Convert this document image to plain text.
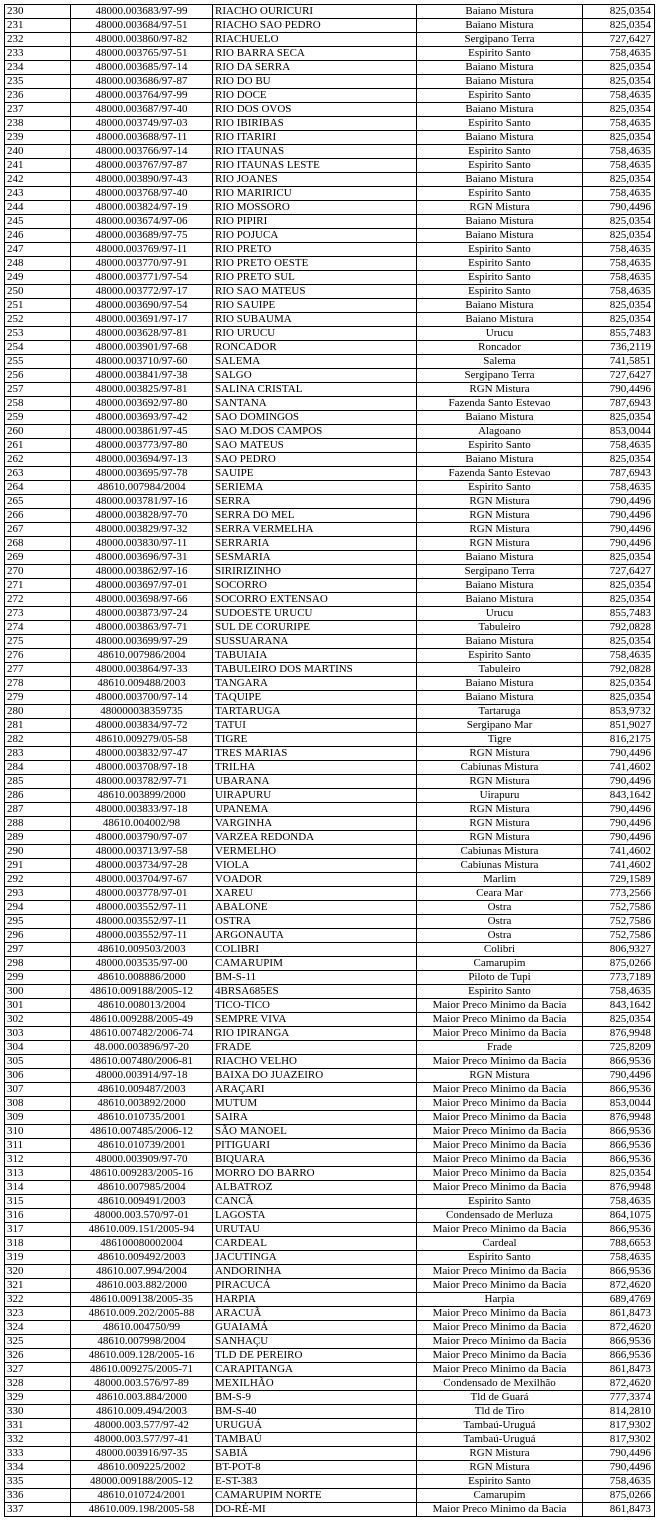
230	48000.003683/97-99	RIACHO OURICURI	Baiano Mistura	825,0354
231	48000.003684/97-51	RIACHO SAO PEDRO	Baiano Mistura	825,0354
232	48000.003860/97-82	RIACHUELO	Sergipano Terra	727,6427
233	48000.003765/97-51	RIO BARRA SECA	Espirito Santo	758,4635
234	48000.003685/97-14	RIO DA SERRA	Baiano Mistura	825,0354
235	48000.003686/97-87	RIO DO BU	Baiano Mistura	825,0354
236	48000.003764/97-99	RIO DOCE	Espirito Santo	758,4635
237	48000.003687/97-40	RIO DOS OVOS	Baiano Mistura	825,0354
238	48000.003749/97-03	RIO IBIRIBAS	Espirito Santo	758,4635
239	48000.003688/97-11	RIO ITARIRI	Baiano Mistura	825,0354
240	48000.003766/97-14	RIO ITAUNAS	Espirito Santo	758,4635
241	48000.003767/97-87	RIO ITAUNAS LESTE	Espirito Santo	758,4635
242	48000.003890/97-43	RIO JOANES	Baiano Mistura	825,0354
243	48000.003768/97-40	RIO MARIRICU	Espirito Santo	758,4635
244	48000.003824/97-19	RIO MOSSORO	RGN Mistura	790,4496
245	48000.003674/97-06	RIO PIPIRI	Baiano Mistura	825,0354
246	48000.003689/97-75	RIO POJUCA	Baiano Mistura	825,0354
247	48000.003769/97-11	RIO PRETO	Espirito Santo	758,4635
248	48000.003770/97-91	RIO PRETO OESTE	Espirito Santo	758,4635
249	48000.003771/97-54	RIO PRETO SUL	Espirito Santo	758,4635
250	48000.003772/97-17	RIO SAO MATEUS	Espirito Santo	758,4635
251	48000.003690/97-54	RIO SAUIPE	Baiano Mistura	825,0354
252	48000.003691/97-17	RIO SUBAUMA	Baiano Mistura	825,0354
253	48000.003628/97-81	RIO URUCU	Urucu	855,7483
254	48000.003901/97-68	RONCADOR	Roncador	736,2119
255	48000.003710/97-60	SALEMA	Salema	741,5851
256	48000.003841/97-38	SALGO	Sergipano Terra	727,6427
257	48000.003825/97-81	SALINA CRISTAL	RGN Mistura	790,4496
258	48000.003692/97-80	SANTANA	Fazenda Santo Estevao	787,6943
259	48000.003693/97-42	SAO DOMINGOS	Baiano Mistura	825,0354
260	48000.003861/97-45	SAO M.DOS CAMPOS	Alagoano	853,0044
261	48000.003773/97-80	SAO MATEUS	Espirito Santo	758,4635
262	48000.003694/97-13	SAO PEDRO	Baiano Mistura	825,0354
263	48000.003695/97-78	SAUIPE	Fazenda Santo Estevao	787,6943
264	48610.007984/2004	SERIEMA	Espirito Santo	758,4635
265	48000.003781/97-16	SERRA	RGN Mistura	790,4496
266	48000.003828/97-70	SERRA DO MEL	RGN Mistura	790,4496
267	48000.003829/97-32	SERRA VERMELHA	RGN Mistura	790,4496
268	48000.003830/97-11	SERRARIA	RGN Mistura	790,4496
269	48000.003696/97-31	SESMARIA	Baiano Mistura	825,0354
270	48000.003862/97-16	SIRIRIZINHO	Sergipano Terra	727,6427
271	48000.003697/97-01	SOCORRO	Baiano Mistura	825,0354
272	48000.003698/97-66	SOCORRO EXTENSAO	Baiano Mistura	825,0354
273	48000.003873/97-24	SUDOESTE URUCU	Urucu	855,7483
274	48000.003863/97-71	SUL DE CORURIPE	Tabuleiro	792,0828
275	48000.003699/97-29	SUSSUARANA	Baiano Mistura	825,0354
276	48610.007986/2004	TABUIAIA	Espirito Santo	758,4635
277	48000.003864/97-33	TABULEIRO DOS MARTINS	Tabuleiro	792,0828
278	48610.009488/2003	TANGARA	Baiano Mistura	825,0354
279	48000.003700/97-14	TAQUIPE	Baiano Mistura	825,0354
280	480000038359735	TARTARUGA	Tartaruga	853,9732
281	48000.003834/97-72	TATUI	Sergipano Mar	851,9027
282	48610.009279/05-58	TIGRE	Tigre	816,2175
283	48000.003832/97-47	TRES MARIAS	RGN Mistura	790,4496
284	48000.003708/97-18	TRILHA	Cabiunas Mistura	741,4602
285	48000.003782/97-71	UBARANA	RGN Mistura	790,4496
286	48610.003899/2000	UIRAPURU	Uirapuru	843,1642
287	48000.003833/97-18	UPANEMA	RGN Mistura	790,4496
288	48610.004002/98	VARGINHA	RGN Mistura	790,4496
289	48000.003790/97-07	VARZEA REDONDA	RGN Mistura	790,4496
290	48000.003713/97-58	VERMELHO	Cabiunas Mistura	741,4602
291	48000.003734/97-28	VIOLA	Cabiunas Mistura	741,4602
292	48000.003704/97-67	VOADOR	Marlim	729,1589
293	48000.003778/97-01	XAREU	Ceara Mar	773,2566
294	48000.003552/97-11	ABALONE	Ostra	752,7586
295	48000.003552/97-11	OSTRA	Ostra	752,7586
296	48000.003552/97-11	ARGONAUTA	Ostra	752,7586
297	48610.009503/2003	COLIBRI	Colibri	806,9327
298	48000.003535/97-00	CAMARUPIM	Camarupim	875,0266
299	48610.008886/2000	BM-S-11	Piloto de Tupi	773,7189
300	48610.009188/2005-12	4BRSA685ES	Espirito Santo	758,4635
301	48610.008013/2004	TICO-TICO	Maior Preco Minimo da Bacia	843,1642
302	48610.009288/2005-49	SEMPRE VIVA	Maior Preco Minimo da Bacia	825,0354
303	48610.007482/2006-74	RIO IPIRANGA	Maior Preco Minimo da Bacia	876,9948
304	48.000.003896/97-20	FRADE	Frade	725,8209
305	48610.007480/2006-81	RIACHO VELHO	Maior Preco Minimo da Bacia	866,9536
306	48000.003914/97-18	BAIXA DO JUAZEIRO	RGN Mistura	790,4496
307	48610.009487/2003	ARAÇARI	Maior Preco Minimo da Bacia	866,9536
308	48610.003892/2000	MUTUM	Maior Preco Minimo da Bacia	853,0044
309	48610.010735/2001	SAIRA	Maior Preco Minimo da Bacia	876,9948
310	48610.007485/2006-12	SÃO MANOEL	Maior Preco Minimo da Bacia	866,9536
311	48610.010739/2001	PITIGUARI	Maior Preco Minimo da Bacia	866,9536
312	48000.003909/97-70	BIQUARA	Maior Preco Minimo da Bacia	866,9536
313	48610.009283/2005-16	MORRO DO BARRO	Maior Preco Minimo da Bacia	825,0354
314	48610.007985/2004	ALBATROZ	Maior Preco Minimo da Bacia	876,9948
315	48610.009491/2003	CANCÃ	Espirito Santo	758,4635
316	48000.003.570/97-01	LAGOSTA	Condensado de Merluza	864,1075
317	48610.009.151/2005-94	URUTAU	Maior Preco Minimo da Bacia	866,9536
318	486100080002004	CARDEAL	Cardeal	788,6653
319	48610.009492/2003	JACUTINGA	Espirito Santo	758,4635
320	48610.007.994/2004	ANDORINHA	Maior Preco Minimo da Bacia	866,9536
321	48610.003.882/2000	PIRACUCÁ	Maior Preco Minimo da Bacia	872,4620
322	48610.009138/2005-35	HARPIA	Harpia	689,4769
323	48610.009.202/2005-88	ARACUÃ	Maior Preco Minimo da Bacia	861,8473
324	48610.004750/99	GUAIAMÁ	Maior Preco Minimo da Bacia	872,4620
325	48610.007998/2004	SANHAÇU	Maior Preco Minimo da Bacia	866,9536
326	48610.009.128/2005-16	TLD DE PEREIRO	Maior Preco Minimo da Bacia	866,9536
327	48610.009275/2005-71	CARAPITANGA	Maior Preco Minimo da Bacia	861,8473
328	48000.003.576/97-89	MEXILHÃO	Condensado de Mexilhão	872,4620
329	48610.003.884/2000	BM-S-9	Tld de Guará	777,3374
330	48610.009.494/2003	BM-S-40	Tld de Tiro	814,2810
331	48000.003.577/97-42	URUGUÁ	Tambaú-Uruguá	817,9302
332	48000.003.577/97-41	TAMBAÚ	Tambaú-Uruguá	817,9302
333	48000.003916/97-35	SABIÁ	RGN Mistura	790,4496
334	48610.009225/2002	BT-POT-8	RGN Mistura	790,4496
335	48000.009188/2005-12	E-ST-383	Espirito Santo	758,4635
336	48610.010724/2001	CAMARUPIM NORTE	Camarupim	875,0266
337	48610.009.198/2005-58	DO-RÉ-MI	Maior Preco Minimo da Bacia	861,8473
